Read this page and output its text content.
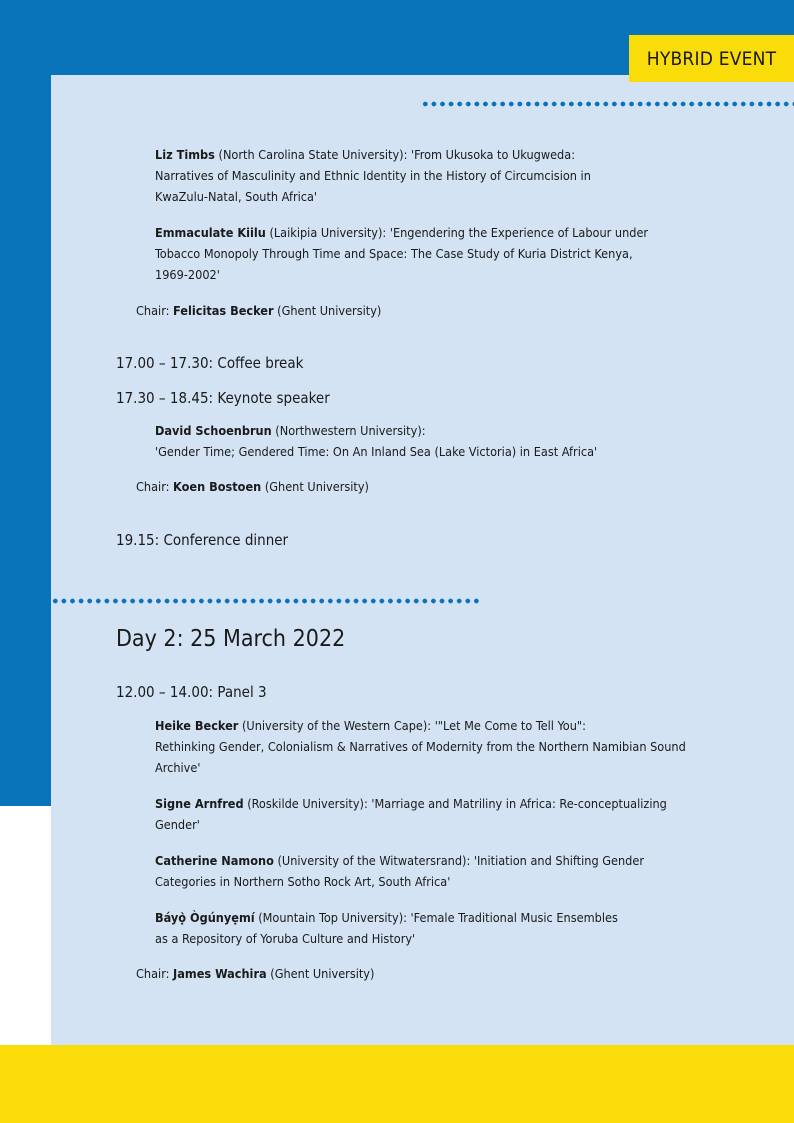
HYBRID EVENT
Liz Timbs (North Carolina State University): 'From Ukusoka to Ukugweda:
Narratives of Masculinity and Ethnic Identity in the History of Circumcision in
KwaZulu-Natal, South Africa'
Emmaculate Kiilu (Laikipia University): 'Engendering the Experience of Labour under
Tobacco Monopoly Through Time and Space: The Case Study of Kuria District Kenya,
1969-2002'
Chair: Felicitas Becker (Ghent University)
17.00 – 17.30: Coffee break
17.30 – 18.45: Keynote speaker
David Schoenbrun (Northwestern University):
'Gender Time; Gendered Time: On An Inland Sea (Lake Victoria) in East Africa'
Chair: Koen Bostoen (Ghent University)
19.15: Conference dinner
Day 2: 25 March 2022
12.00 – 14.00: Panel 3
Heike Becker (University of the Western Cape): '"Let Me Come to Tell You":
Rethinking Gender, Colonialism & Narratives of Modernity from the Northern Namibian Sound
Archive'
Signe Arnfred (Roskilde University): 'Marriage and Matriliny in Africa: Re-conceptualizing
Gender'
Catherine Namono (University of the Witwatersrand): 'Initiation and Shifting Gender
Categories in Northern Sotho Rock Art, South Africa'
Báyọ̀ Ògúnyẹmí (Mountain Top University): 'Female Traditional Music Ensembles
as a Repository of Yoruba Culture and History'
Chair: James Wachira (Ghent University)
